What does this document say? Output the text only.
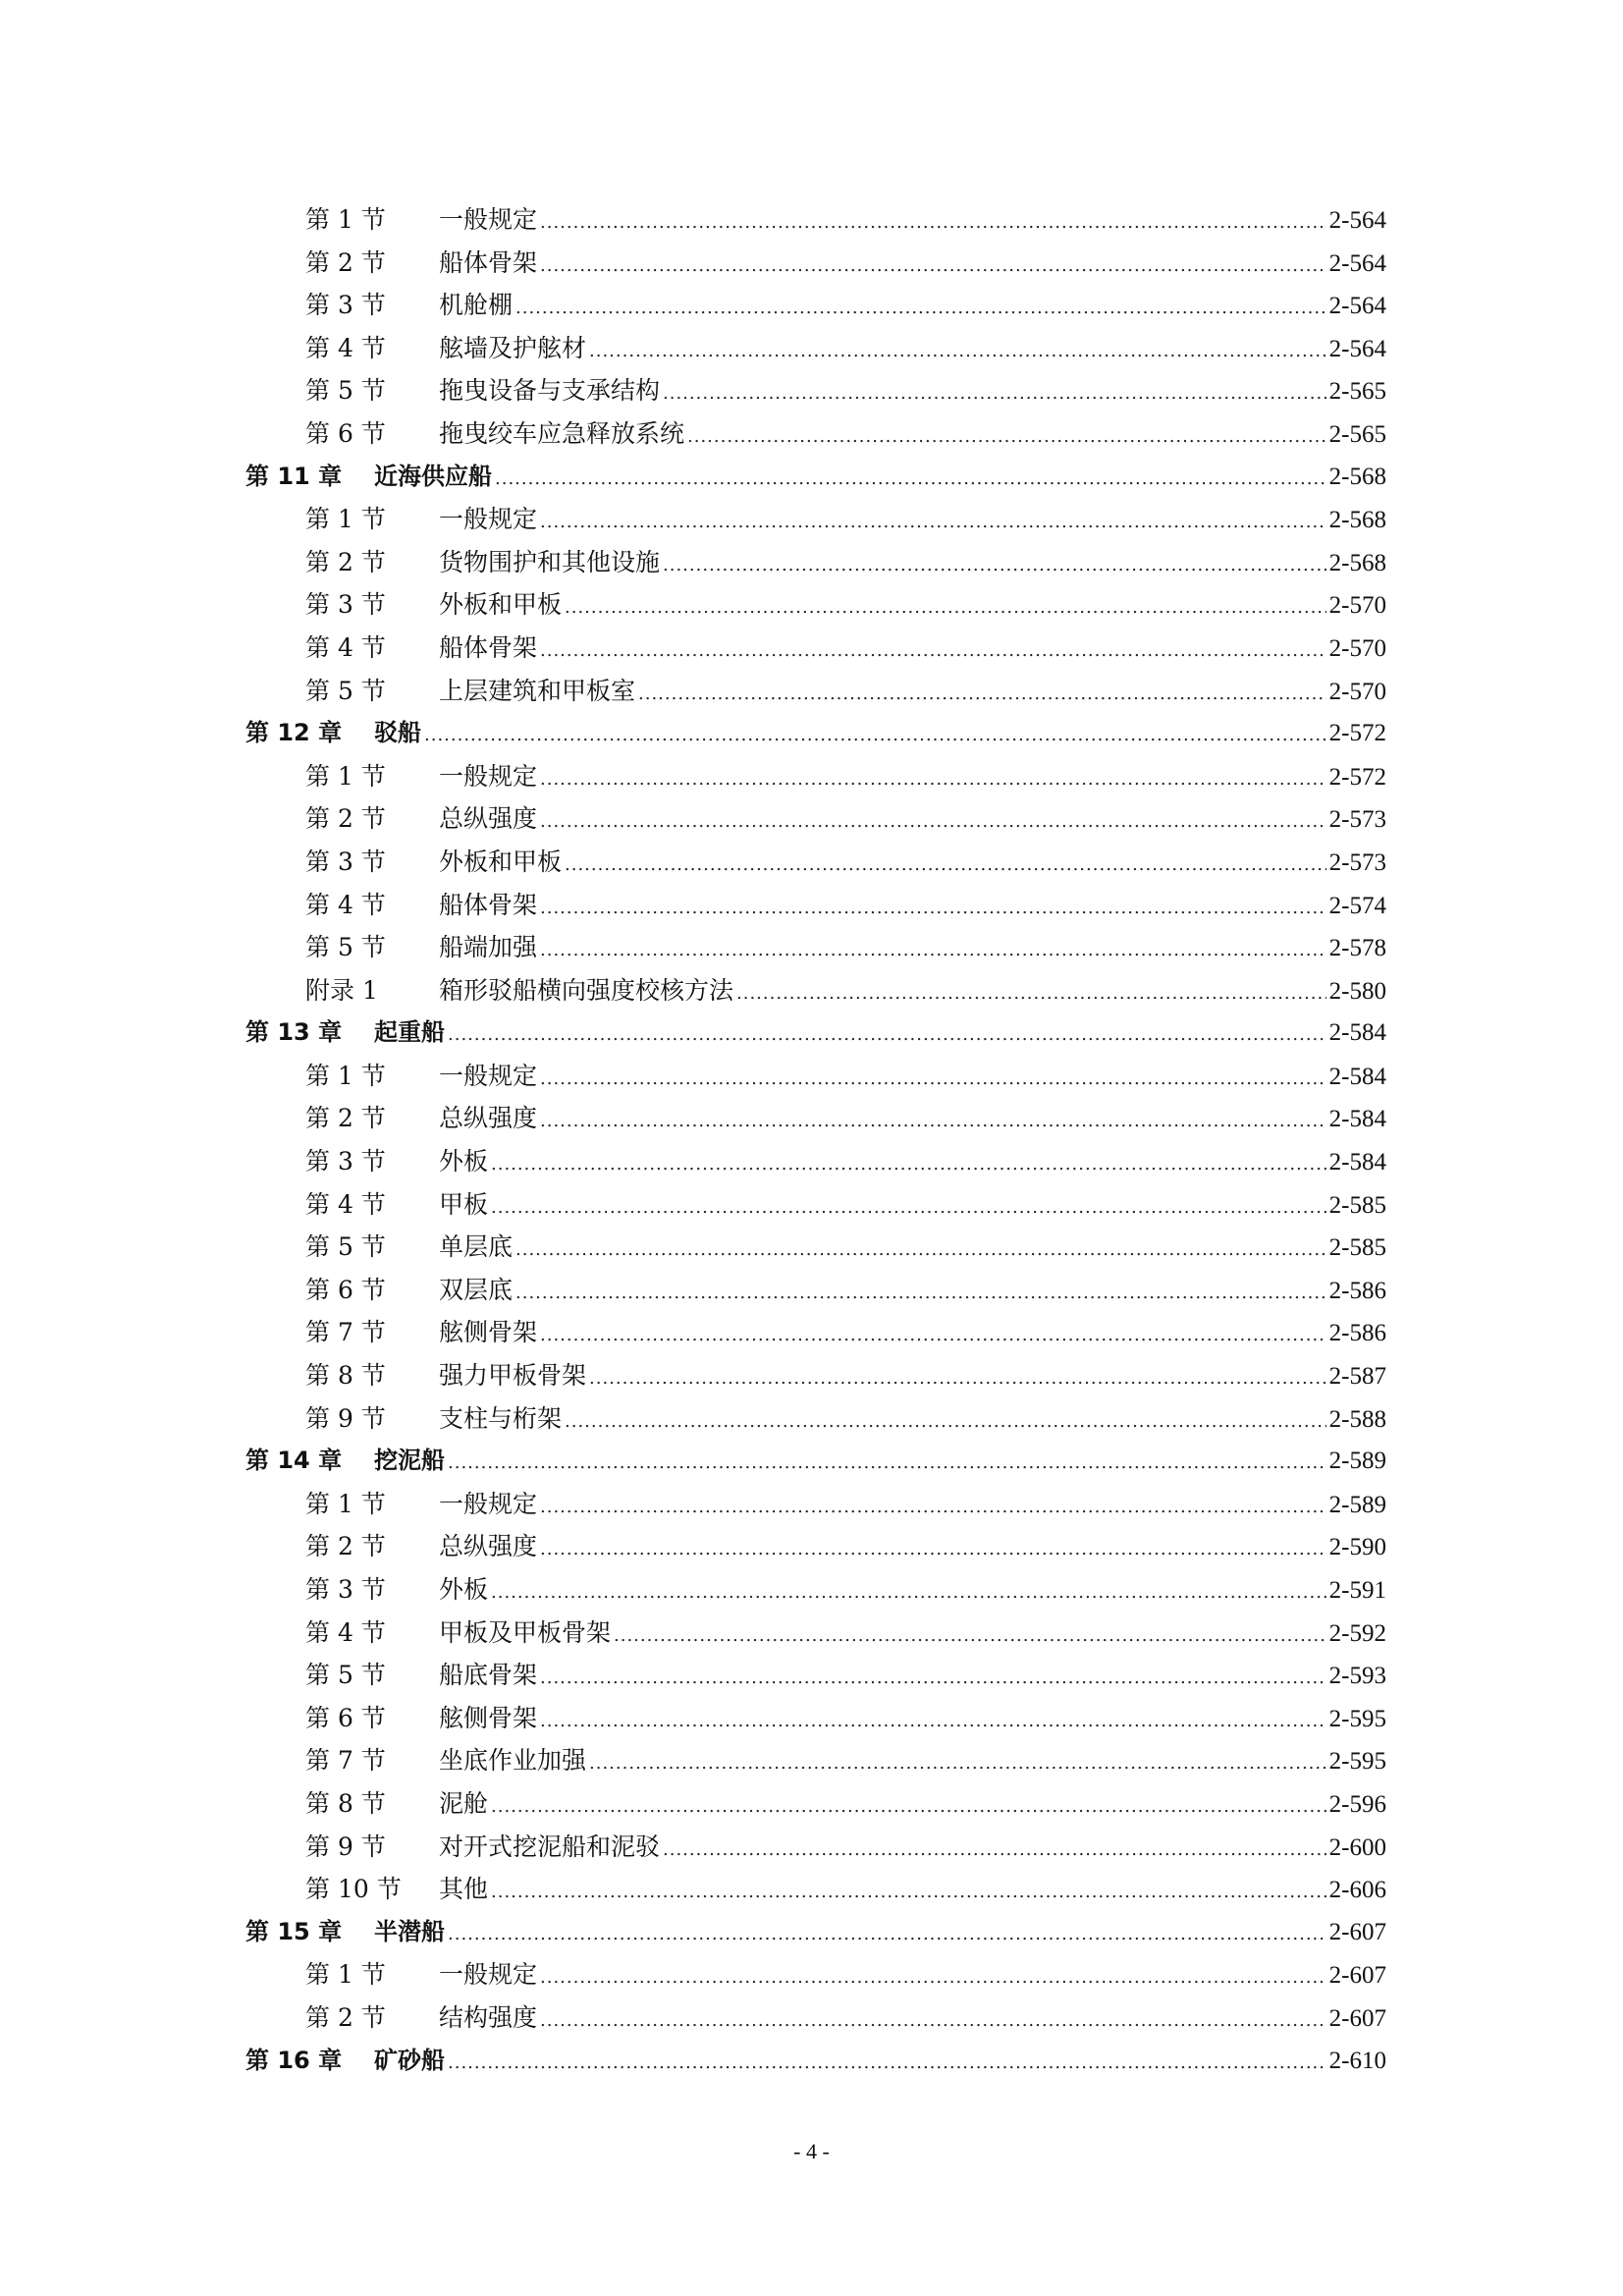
第 1 节	一般规定 .....	2-564
第 2 节	船体骨架 .....	2-564
第 3 节	机舱棚 .....	2-564
第 4 节	舷墙及护舷材 .....	2-564
第 5 节	拖曳设备与支承结构 .....	2-565
第 6 节	拖曳绞车应急释放系统 .....	2-565
第 11 章	近海供应船 .....	2-568
第 1 节	一般规定 .....	2-568
第 2 节	货物围护和其他设施 .....	2-568
第 3 节	外板和甲板 .....	2-570
第 4 节	船体骨架 .....	2-570
第 5 节	上层建筑和甲板室 .....	2-570
第 12 章	驳船 .....	2-572
第 1 节	一般规定 .....	2-572
第 2 节	总纵强度 .....	2-573
第 3 节	外板和甲板 .....	2-573
第 4 节	船体骨架 .....	2-574
第 5 节	船端加强 .....	2-578
附录 1	箱形驳船横向强度校核方法 .....	2-580
第 13 章	起重船 .....	2-584
第 1 节	一般规定 .....	2-584
第 2 节	总纵强度 .....	2-584
第 3 节	外板 .....	2-584
第 4 节	甲板 .....	2-585
第 5 节	单层底 .....	2-585
第 6 节	双层底 .....	2-586
第 7 节	舷侧骨架 .....	2-586
第 8 节	强力甲板骨架 .....	2-587
第 9 节	支柱与桁架 .....	2-588
第 14 章	挖泥船 .....	2-589
第 1 节	一般规定 .....	2-589
第 2 节	总纵强度 .....	2-590
第 3 节	外板 .....	2-591
第 4 节	甲板及甲板骨架 .....	2-592
第 5 节	船底骨架 .....	2-593
第 6 节	舷侧骨架 .....	2-595
第 7 节	坐底作业加强 .....	2-595
第 8 节	泥舱 .....	2-596
第 9 节	对开式挖泥船和泥驳 .....	2-600
第 10 节	其他 .....	2-606
第 15 章	半潜船 .....	2-607
第 1 节	一般规定 .....	2-607
第 2 节	结构强度 .....	2-607
第 16 章	矿砂船 .....	2-610
- 4 -
